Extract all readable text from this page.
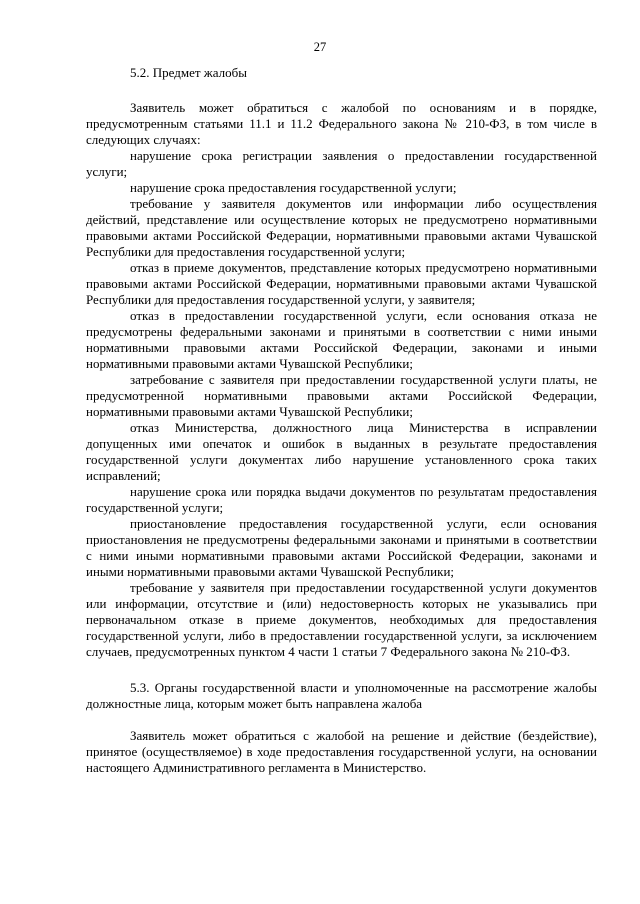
27

5.2. Предмет жалобы

Заявитель может обратиться с жалобой по основаниям и в порядке, предусмотренным статьями 11.1 и 11.2 Федерального закона № 210-ФЗ, в том числе в следующих случаях:

нарушение срока регистрации заявления о предоставлении государственной услуги;

нарушение срока предоставления государственной услуги;

требование у заявителя документов или информации либо осуществления действий, представление или осуществление которых не предусмотрено нормативными правовыми актами Российской Федерации, нормативными правовыми актами Чувашской Республики для предоставления государственной услуги;

отказ в приеме документов, представление которых предусмотрено нормативными правовыми актами Российской Федерации, нормативными правовыми актами Чувашской Республики для предоставления государственной услуги, у заявителя;

отказ в предоставлении государственной услуги, если основания отказа не предусмотрены федеральными законами и принятыми в соответствии с ними иными нормативными правовыми актами Российской Федерации, законами и иными нормативными правовыми актами Чувашской Республики;

затребование с заявителя при предоставлении государственной услуги платы, не предусмотренной нормативными правовыми актами Российской Федерации, нормативными правовыми актами Чувашской Республики;

отказ Министерства, должностного лица Министерства в исправлении допущенных ими опечаток и ошибок в выданных в результате предоставления государственной услуги документах либо нарушение установленного срока таких исправлений;

нарушение срока или порядка выдачи документов по результатам предоставления государственной услуги;

приостановление предоставления государственной услуги, если основания приостановления не предусмотрены федеральными законами и принятыми в соответствии с ними иными нормативными правовыми актами Российской Федерации, законами и иными нормативными правовыми актами Чувашской Республики;

требование у заявителя при предоставлении государственной услуги документов или информации, отсутствие и (или) недостоверность которых не указывались при первоначальном отказе в приеме документов, необходимых для предоставления государственной услуги, либо в предоставлении государственной услуги, за исключением случаев, предусмотренных пунктом 4 части 1 статьи 7 Федерального закона № 210-ФЗ.

5.3. Органы государственной власти и уполномоченные на рассмотрение жалобы должностные лица, которым может быть направлена жалоба

Заявитель может обратиться с жалобой на решение и действие (бездействие), принятое (осуществляемое) в ходе предоставления государственной услуги, на основании настоящего Административного регламента в Министерство.
